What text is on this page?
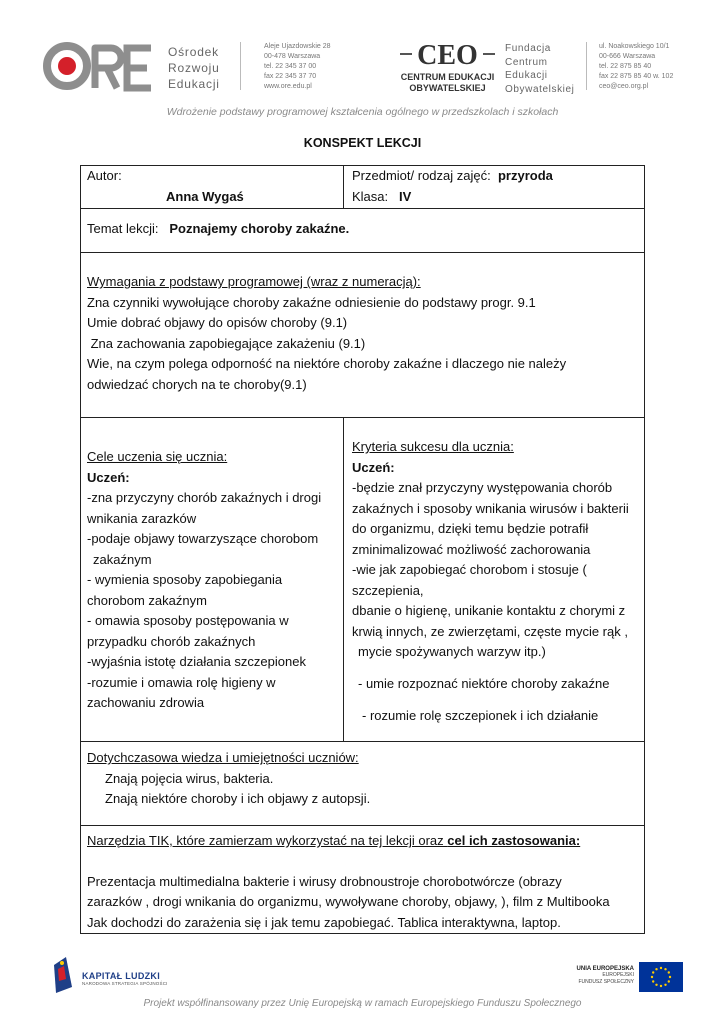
Ośrodek
Rozwoju
Edukacji
Aleje Ujazdowskie 28
00-478 Warszawa
tel. 22 345 37 00
fax 22 345 37 70
www.ore.edu.pl
CEO
CENTRUM EDUKACJI
OBYWATELSKIEJ
Fundacja
Centrum
Edukacji
Obywatelskiej
ul. Noakowskiego 10/1
00-666 Warszawa
tel. 22 875 85 40
fax 22 875 85 40 w. 102
ceo@ceo.org.pl
Wdrożenie podstawy programowej kształcenia ogólnego w przedszkolach i szkołach
KONSPEKT LEKCJI
Autor:
Anna Wygaś
Przedmiot/ rodzaj zajęć: przyroda
Klasa: IV
Temat lekcji: Poznajemy choroby zakaźne.
Wymagania z podstawy programowej (wraz z numeracją):
Zna czynniki wywołujące choroby zakaźne odniesienie do podstawy progr. 9.1
Umie dobrać objawy do opisów choroby (9.1)
Zna zachowania zapobiegające zakażeniu (9.1)
Wie, na czym polega odporność na niektóre choroby zakaźne i dlaczego nie należy
odwiedzać chorych na te choroby(9.1)
Cele uczenia się ucznia:
Uczeń:
-zna przyczyny chorób zakaźnych i drogi
wnikania zarazków
-podaje objawy towarzyszące chorobom
zakaźnym
- wymienia sposoby zapobiegania
chorobom zakaźnym
- omawia sposoby postępowania w
przypadku chorób zakaźnych
-wyjaśnia istotę działania szczepionek
-rozumie i omawia rolę higieny w
zachowaniu zdrowia
Kryteria sukcesu dla ucznia:
Uczeń:
-będzie znał przyczyny występowania chorób
zakaźnych i sposoby wnikania wirusów i bakterii
do organizmu, dzięki temu będzie potrafił
zminimalizować możliwość zachorowania
-wie jak zapobiegać chorobom i stosuje (
szczepienia,
dbanie o higienę, unikanie kontaktu z chorymi z
krwią innych, ze zwierzętami, częste mycie rąk ,
mycie spożywanych warzyw itp.)
- umie rozpoznać niektóre choroby zakaźne
- rozumie rolę szczepionek i ich działanie
Dotychczasowa wiedza i umiejętności uczniów:
Znają pojęcia wirus, bakteria.
Znają niektóre choroby i ich objawy z autopsji.
Narzędzia TIK, które zamierzam wykorzystać na tej lekcji oraz cel ich zastosowania:
Prezentacja multimedialna bakterie i wirusy drobnoustroje chorobotwórcze (obrazy
zarazków , drogi wnikania do organizmu, wywoływane choroby, objawy, ), film z Multibooka
Jak dochodzi do zarażenia się i jak temu zapobiegać. Tablica interaktywna, laptop.
KAPITAŁ LUDZKI
NARODOWA STRATEGIA SPÓJNOŚCI
UNIA EUROPEJSKA
EUROPEJSKI
FUNDUSZ SPOŁECZNY
Projekt współfinansowany przez Unię Europejską w ramach Europejskiego Funduszu Społecznego
